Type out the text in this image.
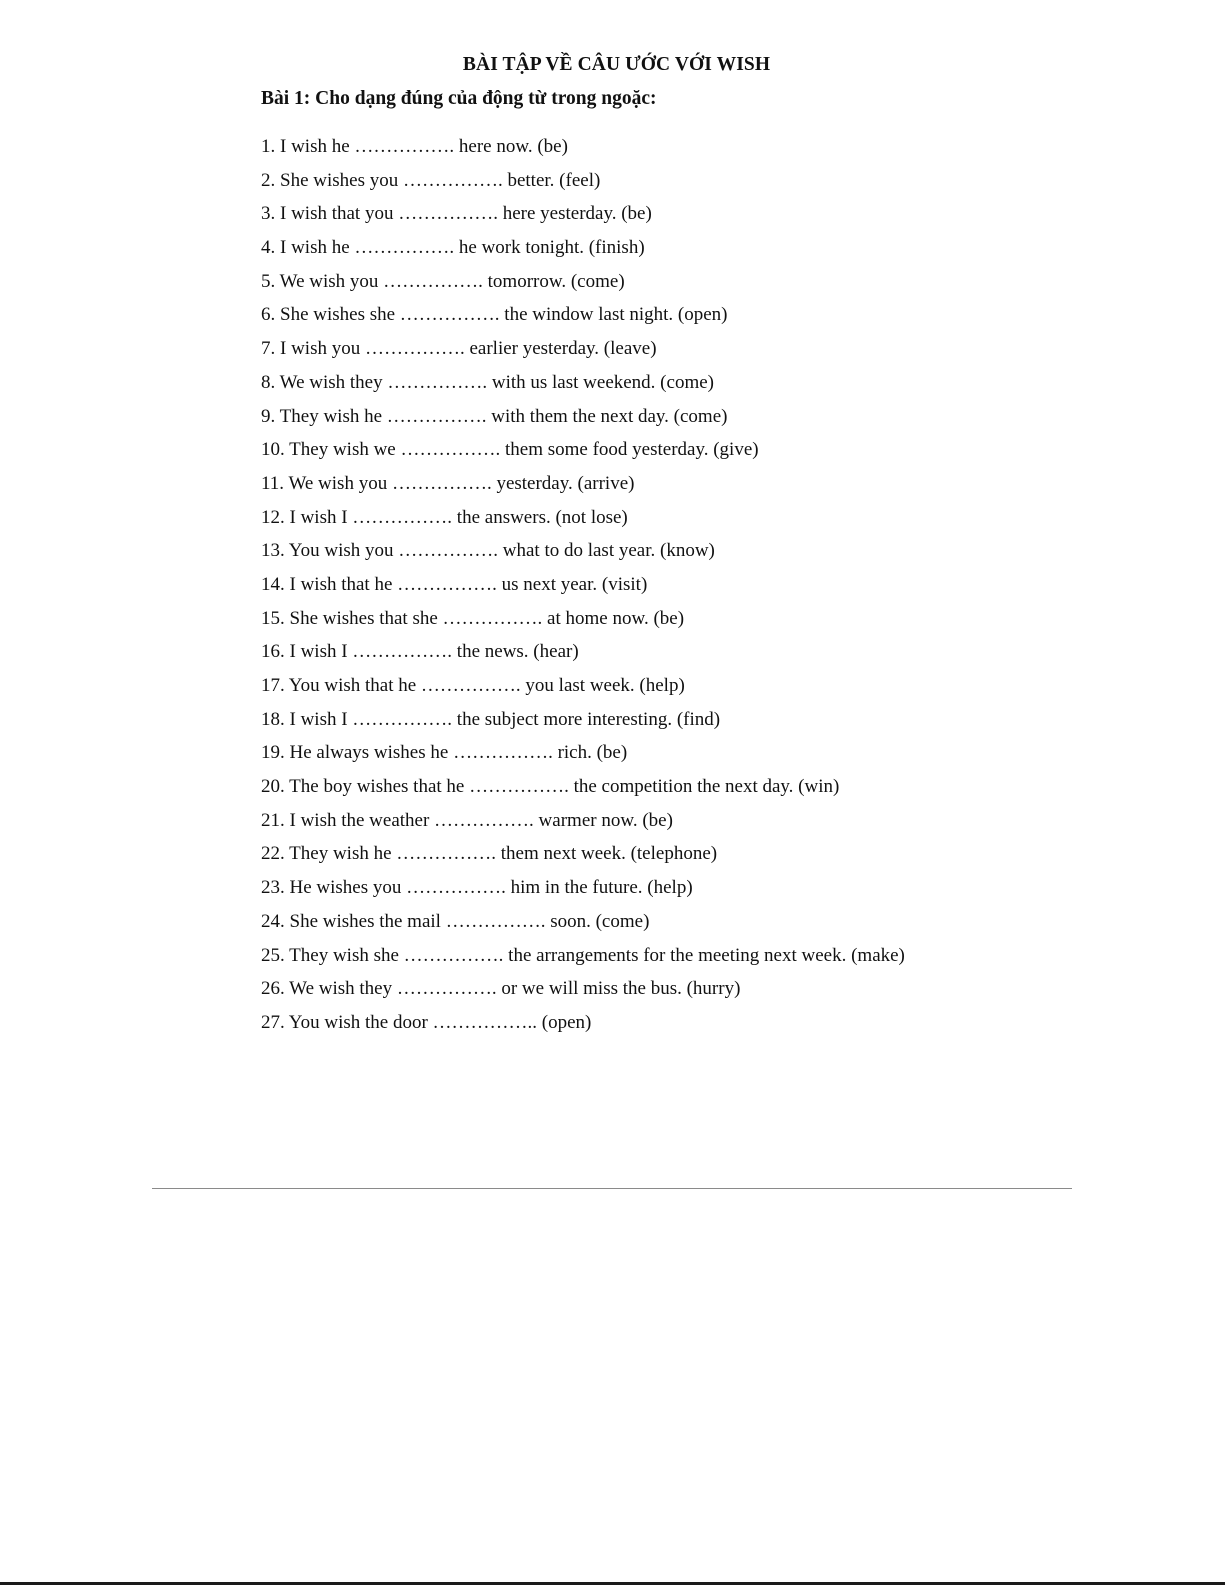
BÀI TẬP VỀ CÂU ƯỚC VỚI WISH
Bài 1: Cho dạng đúng của động từ trong ngoặc:
1. I wish he ……………. here now. (be)
2. She wishes you ……………. better. (feel)
3. I wish that you ……………. here yesterday. (be)
4. I wish he ……………. he work tonight. (finish)
5. We wish you ……………. tomorrow. (come)
6. She wishes she ……………. the window last night. (open)
7. I wish you ……………. earlier yesterday. (leave)
8. We wish they ……………. with us last weekend. (come)
9. They wish he ……………. with them the next day. (come)
10. They wish we ……………. them some food yesterday. (give)
11. We wish you ……………. yesterday. (arrive)
12. I wish I ……………. the answers. (not lose)
13. You wish you ……………. what to do last year. (know)
14. I wish that he ……………. us next year. (visit)
15. She wishes that she ……………. at home now. (be)
16. I wish I ……………. the news. (hear)
17. You wish that he ……………. you last week. (help)
18. I wish I ……………. the subject more interesting. (find)
19. He always wishes he ……………. rich. (be)
20. The boy wishes that he ……………. the competition the next day. (win)
21. I wish the weather ……………. warmer now. (be)
22. They wish he ……………. them next week. (telephone)
23. He wishes you ……………. him in the future. (help)
24. She wishes the mail ……………. soon. (come)
25. They wish she ……………. the arrangements for the meeting next week. (make)
26. We wish they ……………. or we will miss the bus. (hurry)
27. You wish the door …………….. (open)
